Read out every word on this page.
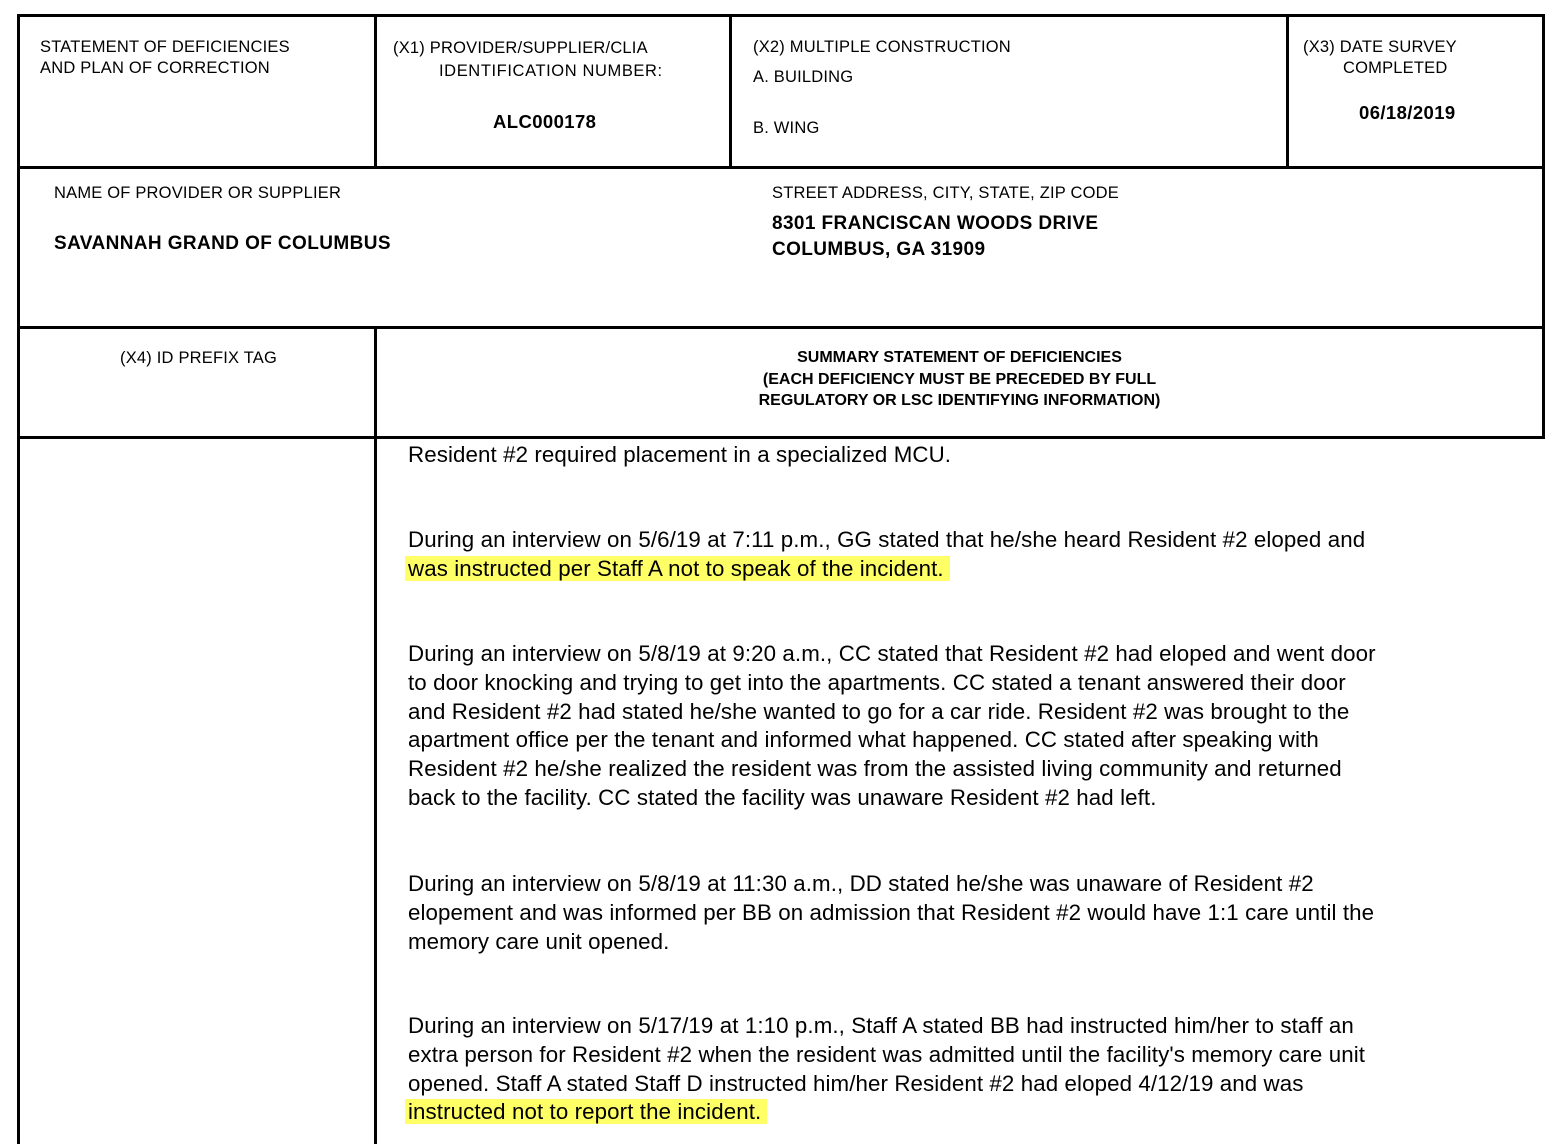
STATEMENT OF DEFICIENCIES
AND PLAN OF CORRECTION
(X1) PROVIDER/SUPPLIER/CLIA
IDENTIFICATION NUMBER:
ALC000178
(X2) MULTIPLE CONSTRUCTION
A. BUILDING
B. WING
(X3) DATE SURVEY
COMPLETED
06/18/2019
NAME OF PROVIDER OR SUPPLIER
SAVANNAH GRAND OF COLUMBUS
STREET ADDRESS, CITY, STATE, ZIP CODE
8301 FRANCISCAN WOODS DRIVE
COLUMBUS, GA 31909
(X4) ID PREFIX TAG	SUMMARY STATEMENT OF DEFICIENCIES
(EACH DEFICIENCY MUST BE PRECEDED BY FULL
REGULATORY OR LSC IDENTIFYING INFORMATION)

Resident #2 required placement in a specialized MCU.

During an interview on 5/6/19 at 7:11 p.m., GG stated that he/she heard Resident #2 eloped and

was instructed per Staff A not to speak of the incident.

During an interview on 5/8/19 at 9:20 a.m., CC stated that Resident #2 had eloped and went door

to door knocking and trying to get into the apartments. CC stated a tenant answered their door

and Resident #2 had stated he/she wanted to go for a car ride. Resident #2 was brought to the

apartment office per the tenant and informed what happened. CC stated after speaking with

Resident #2 he/she realized the resident was from the assisted living community and returned

back to the facility. CC stated the facility was unaware Resident #2 had left.

During an interview on 5/8/19 at 11:30 a.m., DD stated he/she was unaware of Resident #2

elopement and was informed per BB on admission that Resident #2 would have 1:1 care until the

memory care unit opened.

During an interview on 5/17/19 at 1:10 p.m., Staff A stated BB had instructed him/her to staff an

extra person for Resident #2 when the resident was admitted until the facility's memory care unit

opened. Staff A stated Staff D instructed him/her Resident #2 had eloped 4/12/19 and was

instructed not to report the incident.
